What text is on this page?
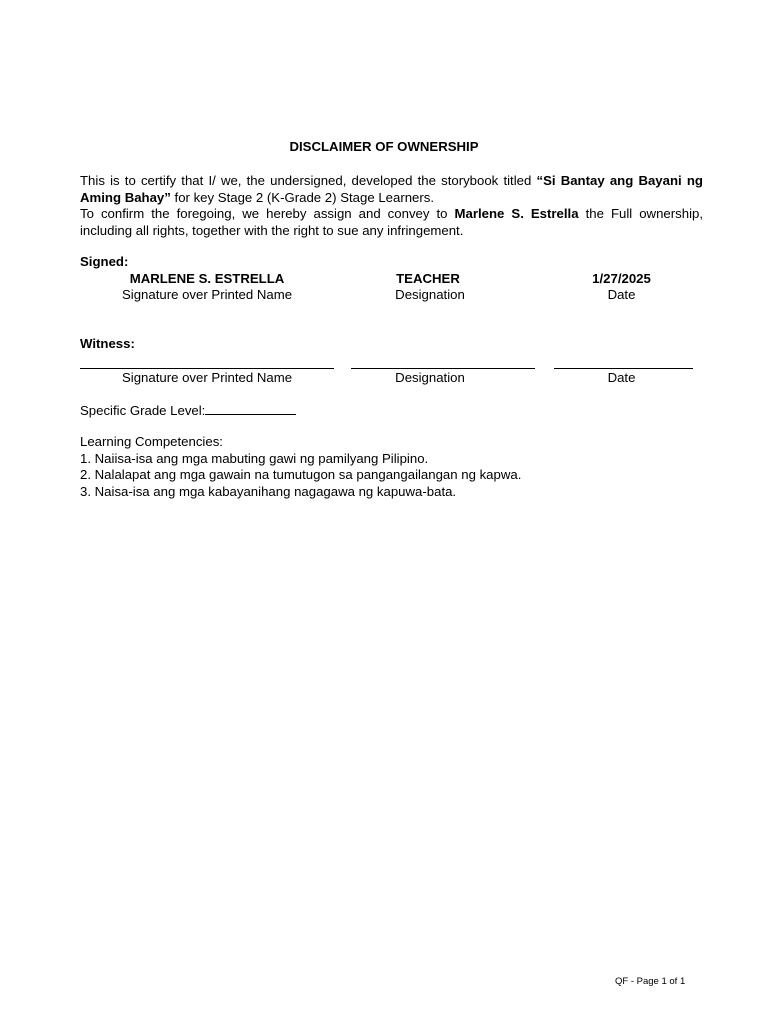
DISCLAIMER OF OWNERSHIP

This is to certify that I/ we, the undersigned, developed the storybook titled “Si Bantay ang Bayani ng Aming Bahay” for key Stage 2 (K-Grade 2) Stage Learners.

To confirm the foregoing, we hereby assign and convey to Marlene S. Estrella the Full ownership, including all rights, together with the right to sue any infringement.

Signed:
MARLENE S. ESTRELLA
Signature over Printed Name
TEACHER
Designation
1/27/2025
Date
Witness:
Signature over Printed Name	Designation	Date
Specific Grade Level:
Learning Competencies:
1. Naiisa-isa ang mga mabuting gawi ng pamilyang Pilipino.
2. Nalalapat ang mga gawain na tumutugon sa pangangailangan ng kapwa.
3. Naisa-isa ang mga kabayanihang nagagawa ng kapuwa-bata.
QF - Page 1 of 1
